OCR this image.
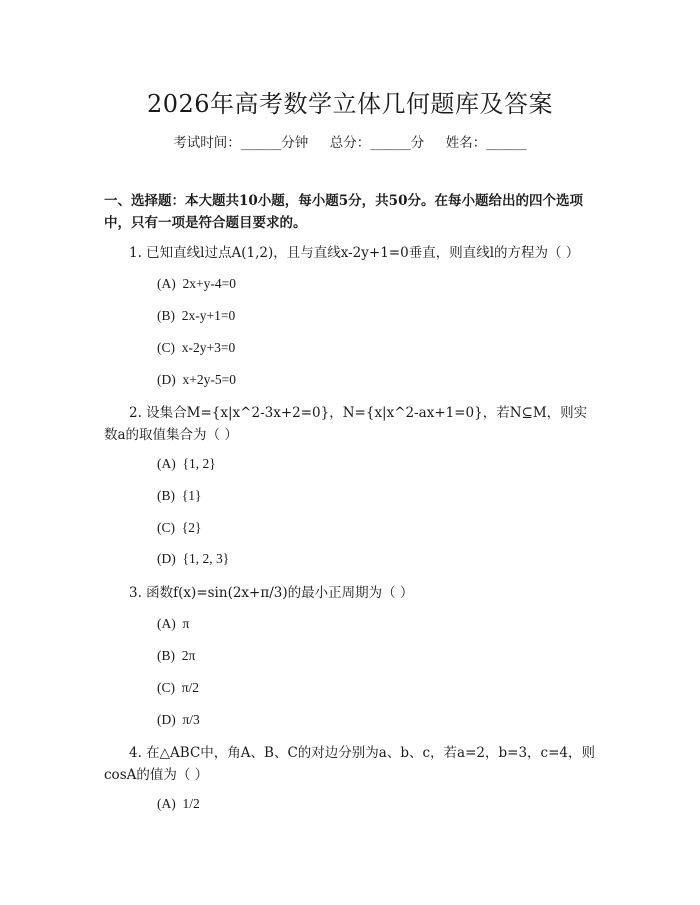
2026年高考数学立体几何题库及答案
考试时间：______分钟     总分：______分     姓名：______

一、选择题：本大题共10小题，每小题5分，共50分。在每小题给出的四个选项中，只有一项是符合题目要求的。

1. 已知直线l过点A(1,2)，且与直线x-2y+1=0垂直，则直线l的方程为（ ）

(A)  2x+y-4=0

(B)  2x-y+1=0

(C)  x-2y+3=0

(D)  x+2y-5=0

2. 设集合M={x|x^2-3x+2=0}，N={x|x^2-ax+1=0}，若N⊆M，则实数a的取值集合为（ ）

(A)  {1, 2}

(B)  {1}

(C)  {2}

(D)  {1, 2, 3}

3. 函数f(x)=sin(2x+π/3)的最小正周期为（ ）

(A)  π

(B)  2π

(C)  π/2

(D)  π/3

4. 在△ABC中，角A、B、C的对边分别为a、b、c，若a=2，b=3，c=4，则cosA的值为（ ）

(A)  1/2
